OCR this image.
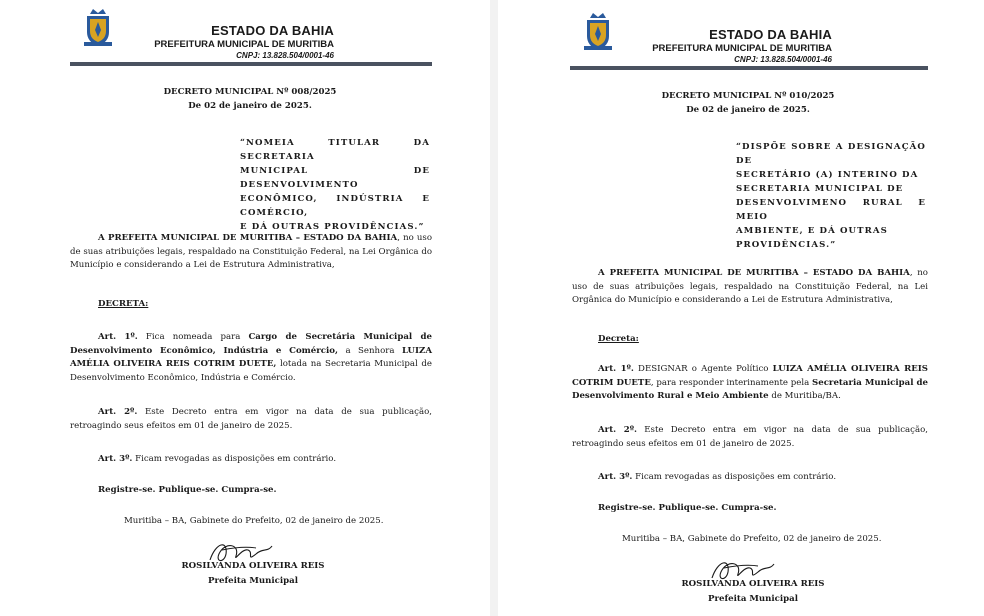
ESTADO DA BAHIA
PREFEITURA MUNICIPAL DE MURITIBA
CNPJ: 13.828.504/0001-46
DECRETO MUNICIPAL Nº 008/2025
De 02 de janeiro de 2025.
“NOMEIA TITULAR DA SECRETARIA
MUNICIPAL DE DESENVOLVIMENTO
ECONÔMICO, INDÚSTRIA E COMÉRCIO,
E DÁ OUTRAS PROVIDÊNCIAS.”
A PREFEITA MUNICIPAL DE MURITIBA – ESTADO DA BAHIA, no uso de suas atribuições legais, respaldado na Constituição Federal, na Lei Orgânica do Município e considerando a Lei de Estrutura Administrativa,
DECRETA:
Art. 1º. Fica nomeada para Cargo de Secretária Municipal de Desenvolvimento Econômico, Indústria e Comércio, a Senhora LUIZA AMÉLIA OLIVEIRA REIS COTRIM DUETE, lotada na Secretaria Municipal de Desenvolvimento Econômico, Indústria e Comércio.
Art. 2º. Este Decreto entra em vigor na data de sua publicação, retroagindo seus efeitos em 01 de janeiro de 2025.
Art. 3º. Ficam revogadas as disposições em contrário.
Registre-se. Publique-se. Cumpra-se.
Muritiba – BA, Gabinete do Prefeito, 02 de janeiro de 2025.
ROSILVANDA OLIVEIRA REIS
Prefeita Municipal
ESTADO DA BAHIA
PREFEITURA MUNICIPAL DE MURITIBA
CNPJ: 13.828.504/0001-46
DECRETO MUNICIPAL Nº 010/2025
De 02 de janeiro de 2025.
“DISPÕE SOBRE A DESIGNAÇÃO DE
SECRETÁRIO (A) INTERINO DA
SECRETARIA MUNICIPAL DE
DESENVOLVIMENO RURAL E MEIO
AMBIENTE, E DÁ OUTRAS
PROVIDÊNCIAS.”
A PREFEITA MUNICIPAL DE MURITIBA – ESTADO DA BAHIA, no uso de suas atribuições legais, respaldado na Constituição Federal, na Lei Orgânica do Município e considerando a Lei de Estrutura Administrativa,
Decreta:
Art. 1º. DESIGNAR o Agente Político LUIZA AMÉLIA OLIVEIRA REIS COTRIM DUETE, para responder interinamente pela Secretaria Municipal de Desenvolvimento Rural e Meio Ambiente de Muritiba/BA.
Art. 2º. Este Decreto entra em vigor na data de sua publicação, retroagindo seus efeitos em 01 de janeiro de 2025.
Art. 3º. Ficam revogadas as disposições em contrário.
Registre-se. Publique-se. Cumpra-se.
Muritiba – BA, Gabinete do Prefeito, 02 de janeiro de 2025.
ROSILVANDA OLIVEIRA REIS
Prefeita Municipal
